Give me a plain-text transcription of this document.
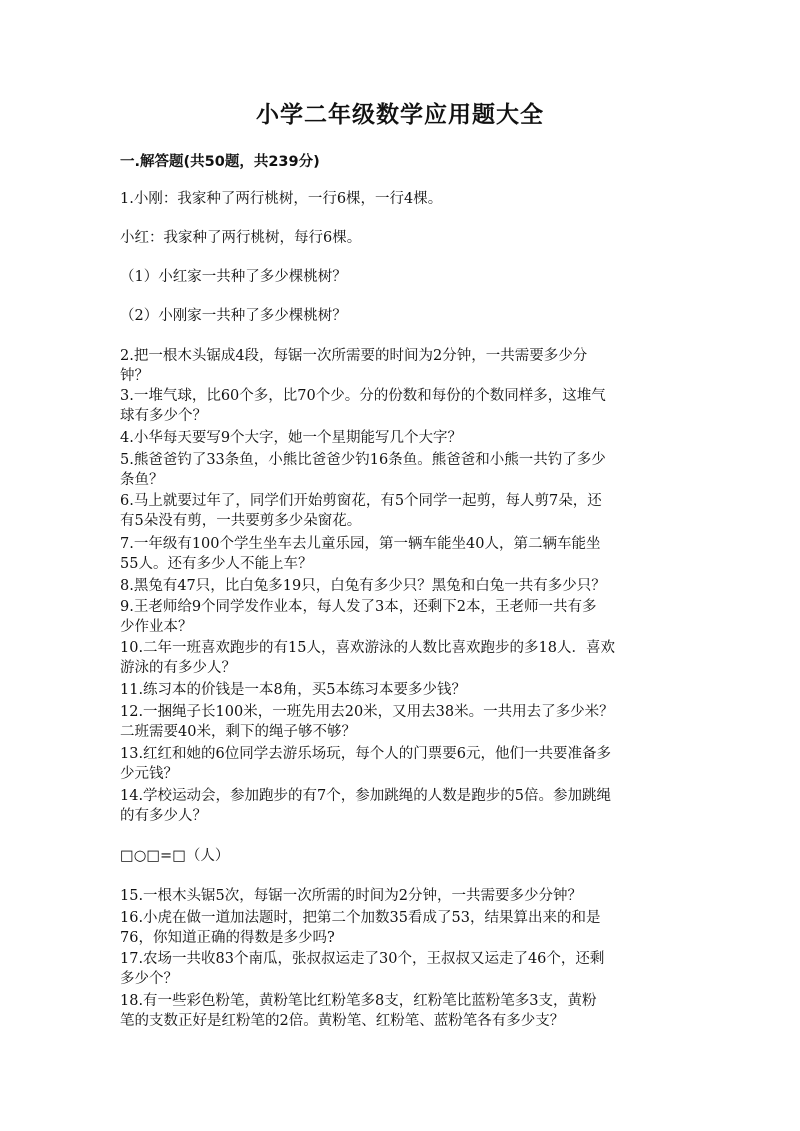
小学二年级数学应用题大全
一.解答题(共50题，共239分)
1.小刚：我家种了两行桃树，一行6棵，一行4棵。
小红：我家种了两行桃树，每行6棵。
（1）小红家一共种了多少棵桃树？
（2）小刚家一共种了多少棵桃树？
2.把一根木头锯成4段，每锯一次所需要的时间为2分钟，一共需要多少分
钟？
3.一堆气球，比60个多，比70个少。分的份数和每份的个数同样多，这堆气
球有多少个？
4.小华每天要写9个大字，她一个星期能写几个大字？
5.熊爸爸钓了33条鱼，小熊比爸爸少钓16条鱼。熊爸爸和小熊一共钓了多少
条鱼？
6.马上就要过年了，同学们开始剪窗花，有5个同学一起剪，每人剪7朵，还
有5朵没有剪，一共要剪多少朵窗花。
7.一年级有100个学生坐车去儿童乐园，第一辆车能坐40人，第二辆车能坐
55人。还有多少人不能上车？
8.黑兔有47只，比白兔多19只，白兔有多少只？黑兔和白兔一共有多少只？
9.王老师给9个同学发作业本，每人发了3本，还剩下2本，王老师一共有多
少作业本？
10.二年一班喜欢跑步的有15人，喜欢游泳的人数比喜欢跑步的多18人．喜欢
游泳的有多少人？
11.练习本的价钱是一本8角，买5本练习本要多少钱？
12.一捆绳子长100米，一班先用去20米，又用去38米。一共用去了多少米？
二班需要40米，剩下的绳子够不够？
13.红红和她的6位同学去游乐场玩，每个人的门票要6元，他们一共要准备多
少元钱？
14.学校运动会，参加跑步的有7个，参加跳绳的人数是跑步的5倍。参加跳绳
的有多少人？
□○□=□（人）
15.一根木头锯5次，每锯一次所需的时间为2分钟，一共需要多少分钟？
16.小虎在做一道加法题时，把第二个加数35看成了53，结果算出来的和是
76，你知道正确的得数是多少吗?
17.农场一共收83个南瓜，张叔叔运走了30个，王叔叔又运走了46个，还剩
多少个？
18.有一些彩色粉笔，黄粉笔比红粉笔多8支，红粉笔比蓝粉笔多3支，黄粉
笔的支数正好是红粉笔的2倍。黄粉笔、红粉笔、蓝粉笔各有多少支？
